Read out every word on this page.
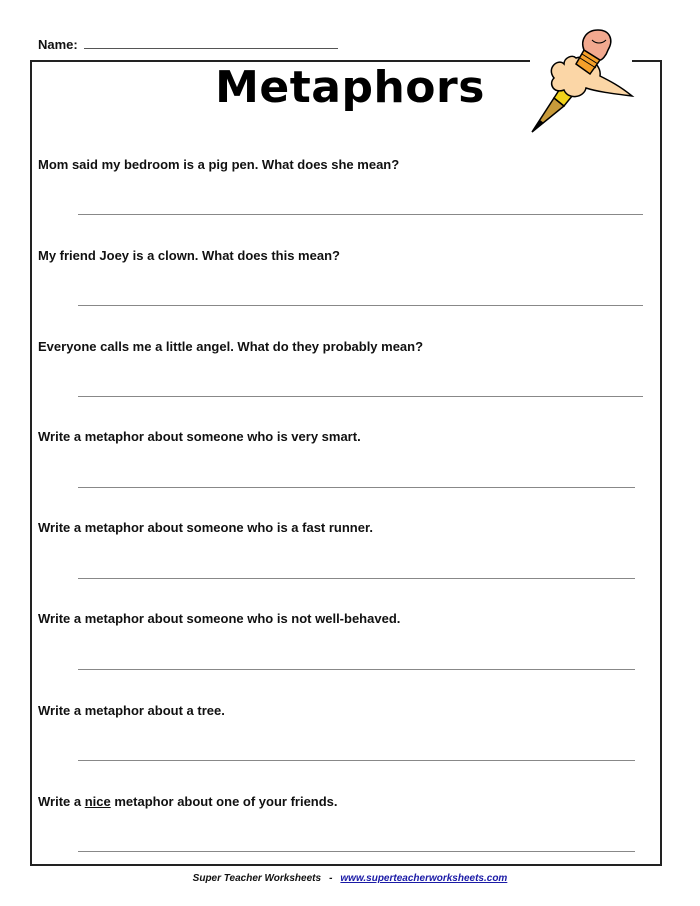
Name:
Metaphors
Mom said my bedroom is a pig pen. What does she mean?
My friend Joey is a clown. What does this mean?
Everyone calls me a little angel. What do they probably mean?
Write a metaphor about someone who is very smart.
Write a metaphor about someone who is a fast runner.
Write a metaphor about someone who is not well-behaved.
Write a metaphor about a tree.
Write a nice metaphor about one of your friends.
Super Teacher Worksheets - www.superteacherworksheets.com
